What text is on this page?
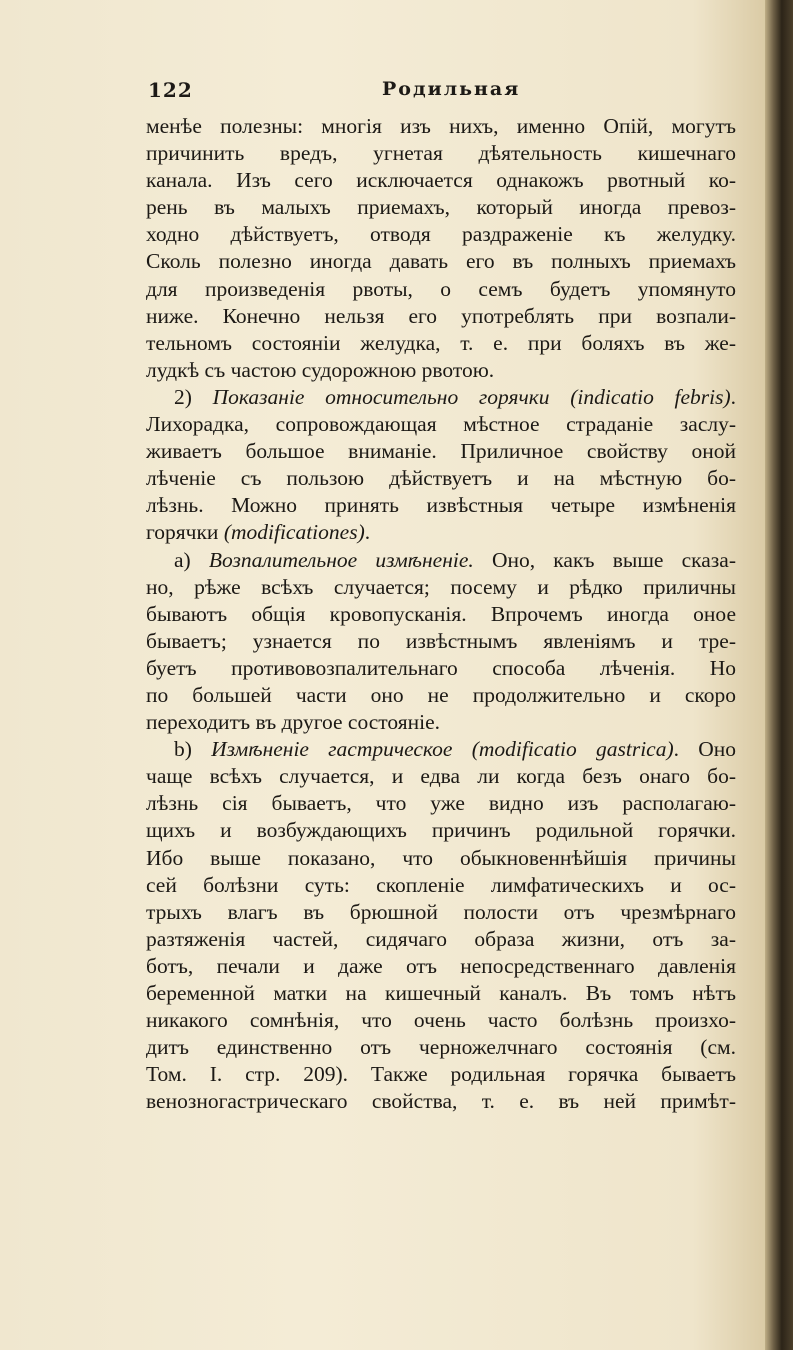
122	Родильная
менѣе полезны: многія изъ нихъ, именно Опій, могутъ
причинить вредъ, угнетая дѣятельность кишечнаго
канала. Изъ сего исключается однакожъ рвотный ко-
рень въ малыхъ приемахъ, который иногда превоз-
ходно дѣйствуетъ, отводя раздраженіе къ желудку.
Сколь полезно иногда давать его въ полныхъ приемахъ
для произведенія рвоты, о семъ будетъ упомянуто
ниже. Конечно нельзя его употреблять при возпали-
тельномъ состояніи желудка, т. е. при боляхъ въ же-
лудкѣ съ частою судорожною рвотою.
2) Показаніе относительно горячки (indicatio febris).
Лихорадка, сопровождающая мѣстное страданіе заслу-
живаетъ большое вниманіе. Приличное свойству оной
лѣченіе съ пользою дѣйствуетъ и на мѣстную бо-
лѣзнь. Можно принять извѣстныя четыре измѣненія
горячки (modificationes).
a) Возпалительное измѣненіе. Оно, какъ выше сказа-
но, рѣже всѣхъ случается; посему и рѣдко приличны
бываютъ общія кровопусканія. Впрочемъ иногда оное
бываетъ; узнается по извѣстнымъ явленіямъ и тре-
буетъ противовозпалительнаго способа лѣченія. Но
по большей части оно не продолжительно и скоро
переходитъ въ другое состояніе.
b) Измѣненіе гастрическое (modificatio gastrica). Оно
чаще всѣхъ случается, и едва ли когда безъ онаго бо-
лѣзнь сія бываетъ, что уже видно изъ располагаю-
щихъ и возбуждающихъ причинъ родильной горячки.
Ибо выше показано, что обыкновеннѣйшія причины
сей болѣзни суть: скопленіе лимфатическихъ и ос-
трыхъ влагъ въ брюшной полости отъ чрезмѣрнаго
разтяженія частей, сидячаго образа жизни, отъ за-
ботъ, печали и даже отъ непосредственнаго давленія
беременной матки на кишечный каналъ. Въ томъ нѣтъ
никакого сомнѣнія, что очень часто болѣзнь произхо-
дитъ единственно отъ черножелчнаго состоянія (см.
Том. I. стр. 209). Также родильная горячка бываетъ
венозногастрическаго свойства, т. е. въ ней примѣт-
